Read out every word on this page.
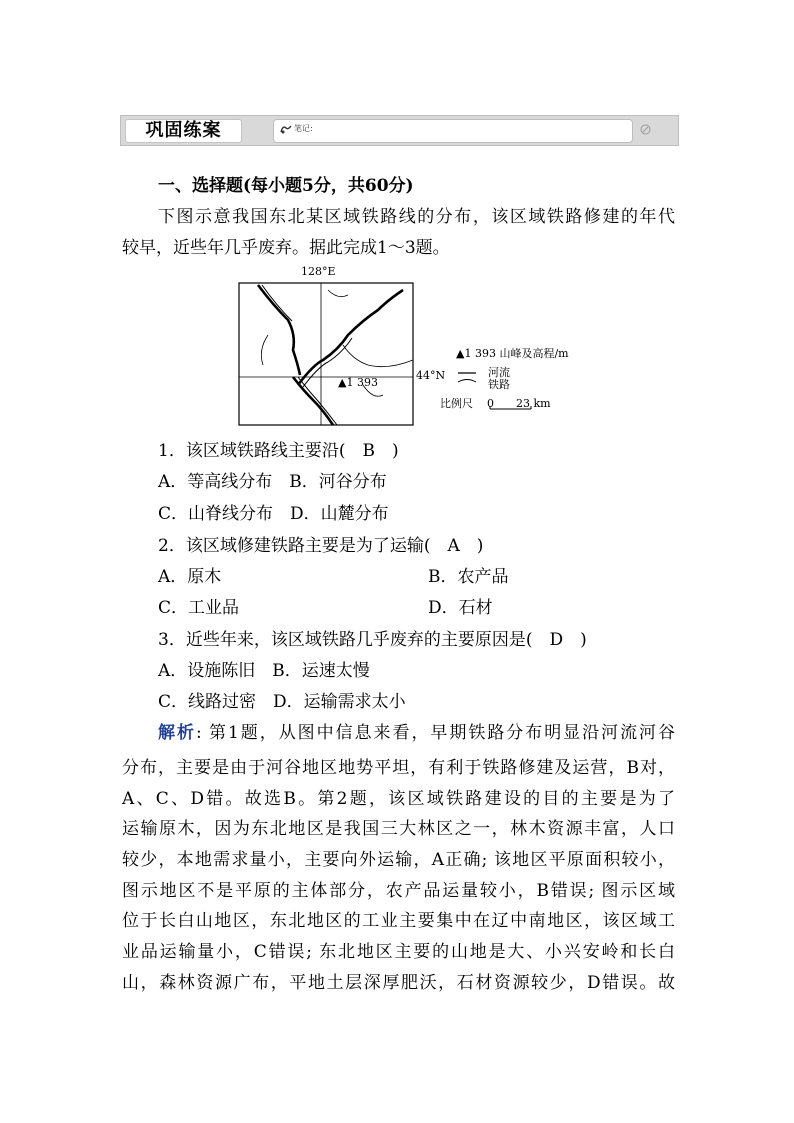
巩固练案	笔记:
一、选择题(每小题5分，共60分)
下图示意我国东北某区域铁路线的分布，该区域铁路修建的年代
较早，近些年几乎废弃。据此完成1～3题。
128°E
44°N
▲1 393
▲1 393 山峰及高程/m
河流
铁路
比例尺 0 23 km
1．该区域铁路线主要沿(　B　)
A．等高线分布　B．河谷分布
C．山脊线分布　D．山麓分布
2．该区域修建铁路主要是为了运输(　A　)
A．原木	B．农产品
C．工业品	D．石材
3．近些年来，该区域铁路几乎废弃的主要原因是(　D　)
A．设施陈旧　B．运速太慢
C．线路过密　D．运输需求太小
解析: 第1题，从图中信息来看，早期铁路分布明显沿河流河谷
分布，主要是由于河谷地区地势平坦，有利于铁路修建及运营，B对，
A、C、D错。故选B。第2题，该区域铁路建设的目的主要是为了
运输原木，因为东北地区是我国三大林区之一，林木资源丰富，人口
较少，本地需求量小，主要向外运输，A正确; 该地区平原面积较小，
图示地区不是平原的主体部分，农产品运量较小，B错误; 图示区域
位于长白山地区，东北地区的工业主要集中在辽中南地区，该区域工
业品运输量小，C错误; 东北地区主要的山地是大、小兴安岭和长白
山，森林资源广布，平地土层深厚肥沃，石材资源较少，D错误。故
